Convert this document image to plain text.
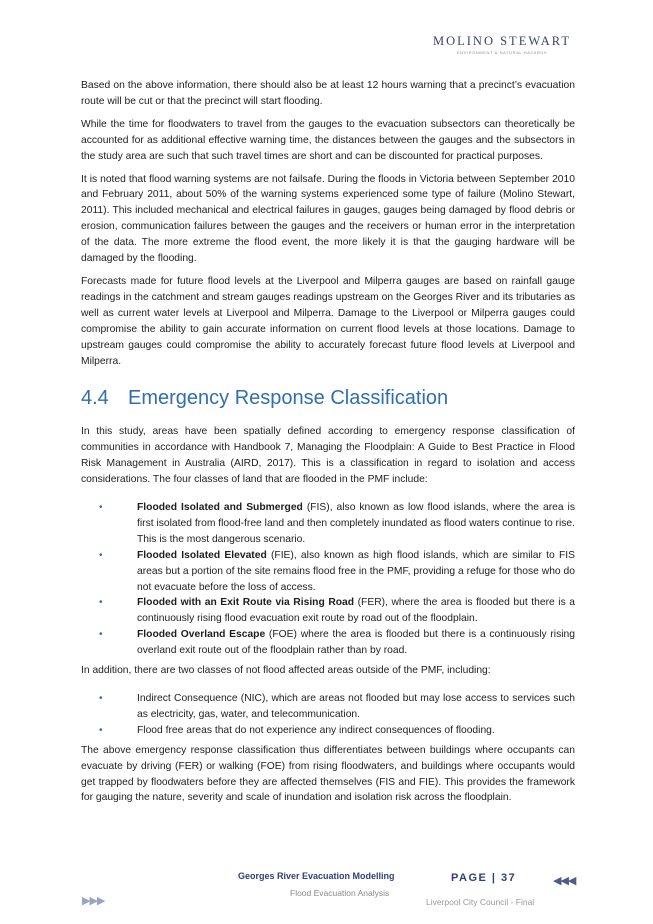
MOLINO STEWART
ENVIRONMENT & NATURAL HAZARDS

Based on the above information, there should also be at least 12 hours warning that a precinct’s evacuation route will be cut or that the precinct will start flooding.

While the time for floodwaters to travel from the gauges to the evacuation subsectors can theoretically be accounted for as additional effective warning time, the distances between the gauges and the subsectors in the study area are such that such travel times are short and can be discounted for practical purposes.

It is noted that flood warning systems are not failsafe. During the floods in Victoria between September 2010 and February 2011, about 50% of the warning systems experienced some type of failure (Molino Stewart, 2011). This included mechanical and electrical failures in gauges, gauges being damaged by flood debris or erosion, communication failures between the gauges and the receivers or human error in the interpretation of the data. The more extreme the flood event, the more likely it is that the gauging hardware will be damaged by the flooding.

Forecasts made for future flood levels at the Liverpool and Milperra gauges are based on rainfall gauge readings in the catchment and stream gauges readings upstream on the Georges River and its tributaries as well as current water levels at Liverpool and Milperra. Damage to the Liverpool or Milperra gauges could compromise the ability to gain accurate information on current flood levels at those locations. Damage to upstream gauges could compromise the ability to accurately forecast future flood levels at Liverpool and Milperra.

4.4 Emergency Response Classification

In this study, areas have been spatially defined according to emergency response classification of communities in accordance with Handbook 7, Managing the Floodplain: A Guide to Best Practice in Flood Risk Management in Australia (AIRD, 2017). This is a classification in regard to isolation and access considerations. The four classes of land that are flooded in the PMF include:

•	Flooded Isolated and Submerged (FIS), also known as low flood islands, where the area is first isolated from flood-free land and then completely inundated as flood waters continue to rise. This is the most dangerous scenario.
•	Flooded Isolated Elevated (FIE), also known as high flood islands, which are similar to FIS areas but a portion of the site remains flood free in the PMF, providing a refuge for those who do not evacuate before the loss of access.
•	Flooded with an Exit Route via Rising Road (FER), where the area is flooded but there is a continuously rising flood evacuation exit route by road out of the floodplain.
•	Flooded Overland Escape (FOE) where the area is flooded but there is a continuously rising overland exit route out of the floodplain rather than by road.

In addition, there are two classes of not flood affected areas outside of the PMF, including:

•	Indirect Consequence (NIC), which are areas not flooded but may lose access to services such as electricity, gas, water, and telecommunication.
•	Flood free areas that do not experience any indirect consequences of flooding.

The above emergency response classification thus differentiates between buildings where occupants can evacuate by driving (FER) or walking (FOE) from rising floodwaters, and buildings where occupants would get trapped by floodwaters before they are affected themselves (FIS and FIE). This provides the framework for gauging the nature, severity and scale of inundation and isolation risk across the floodplain.

▶▶▶
Georges River Evacuation Modelling
Flood Evacuation Analysis
PAGE | 37	◀◀◀
Liverpool City Council - Final
